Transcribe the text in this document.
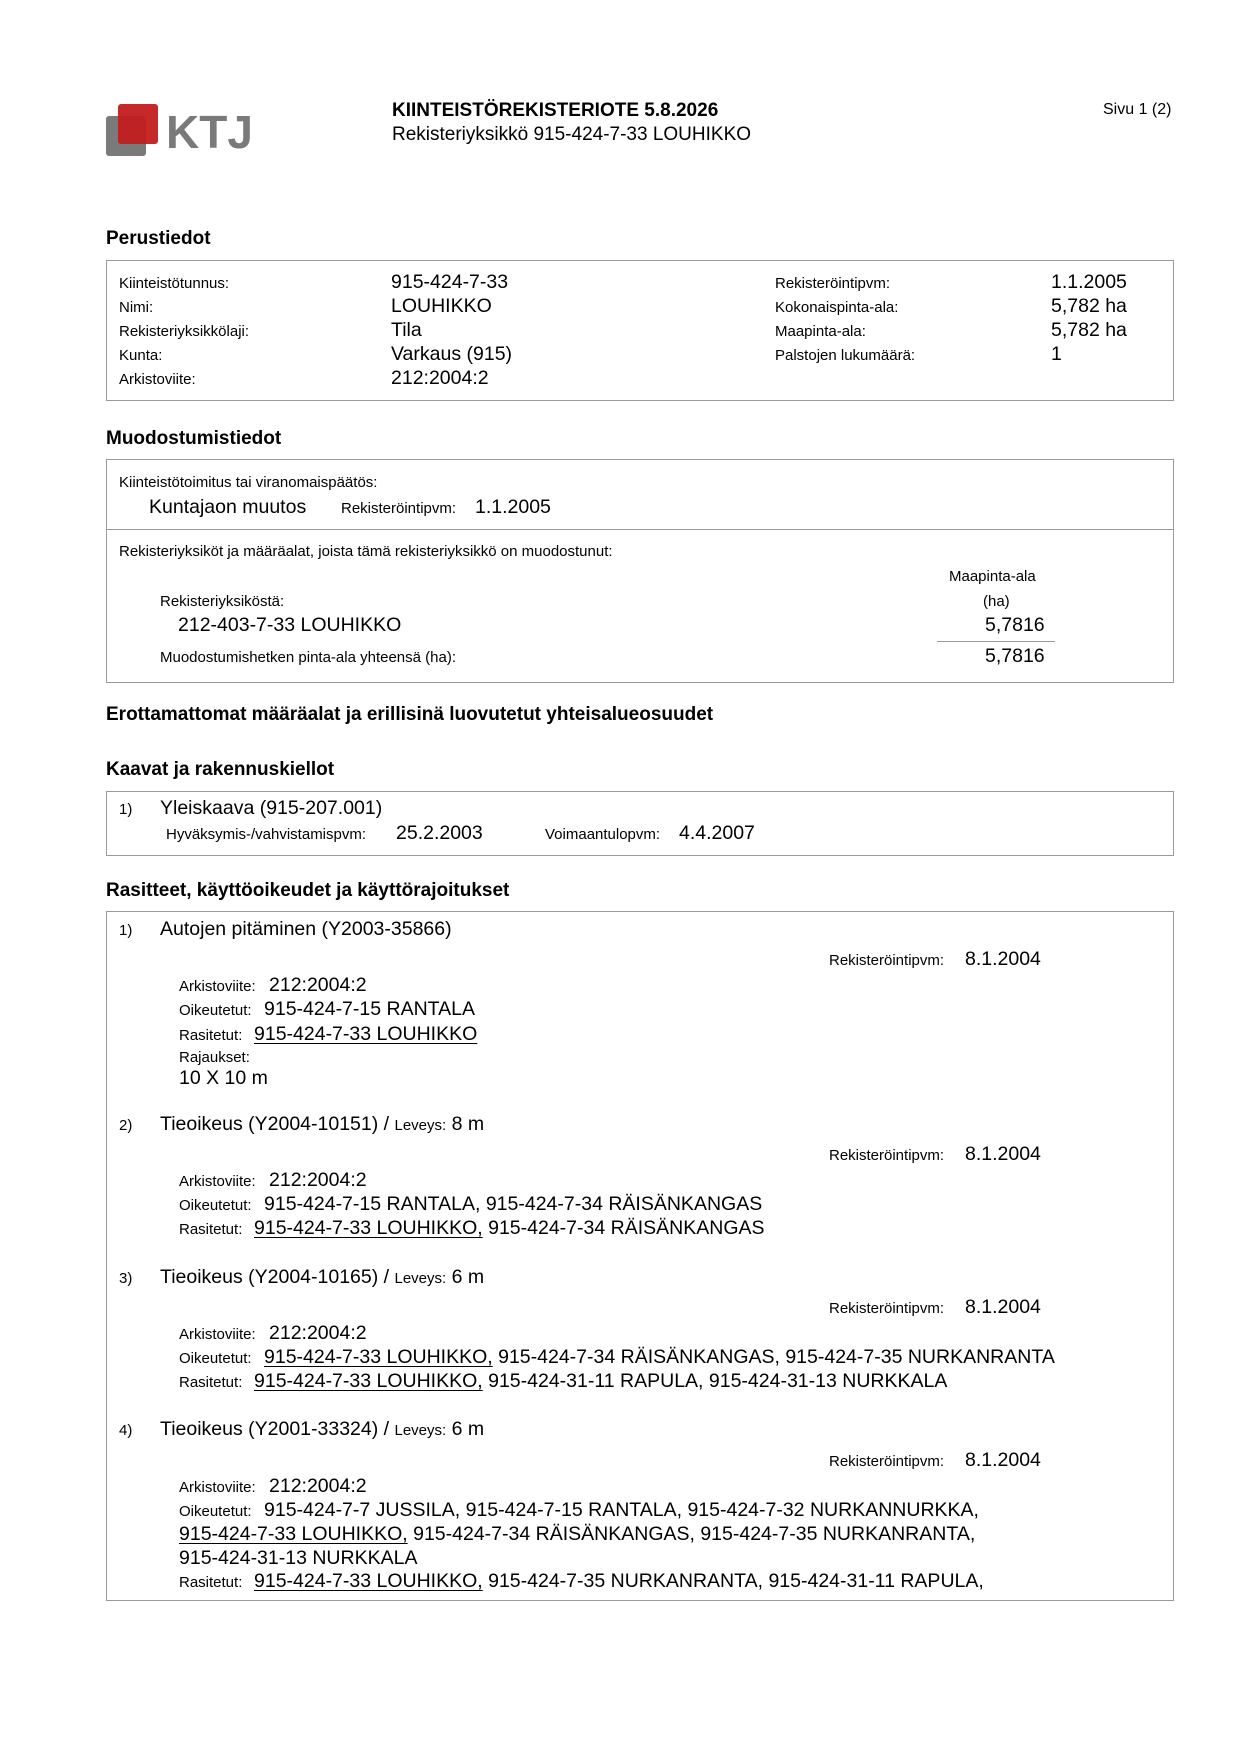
KTJ	KIINTEISTÖREKISTERIOTE 5.8.2026
Rekisteriyksikkö 915-424-7-33 LOUHIKKO
Sivu 1 (2)
Perustiedot
Kiinteistötunnus:	915-424-7-33
Nimi:	LOUHIKKO
Rekisteriyksikkölaji:	Tila
Kunta:	Varkaus (915)
Arkistoviite:	212:2004:2
Rekisteröintipvm:	1.1.2005
Kokonaispinta-ala:	5,782 ha
Maapinta-ala:	5,782 ha
Palstojen lukumäärä:	1
Muodostumistiedot
Kiinteistötoimitus tai viranomaispäätös:
Kuntajaon muutos Rekisteröintipvm: 1.1.2005
Rekisteriyksiköt ja määräalat, joista tämä rekisteriyksikkö on muodostunut:
Maapinta-ala
(ha)
Rekisteriyksiköstä:
212-403-7-33 LOUHIKKO	5,7816
Muodostumishetken pinta-ala yhteensä (ha):	5,7816
Erottamattomat määräalat ja erillisinä luovutetut yhteisalueosuudet
Kaavat ja rakennuskiellot
1) Yleiskaava (915-207.001)
Hyväksymis-/vahvistamispvm: 25.2.2003	Voimaantulopvm: 4.4.2007
Rasitteet, käyttöoikeudet ja käyttörajoitukset
1) Autojen pitäminen (Y2003-35866)
Rekisteröintipvm: 8.1.2004
Arkistoviite: 212:2004:2
Oikeutetut: 915-424-7-15 RANTALA
Rasitetut: 915-424-7-33 LOUHIKKO
Rajaukset:
10 X 10 m
2) Tieoikeus (Y2004-10151) / Leveys: 8 m
Rekisteröintipvm: 8.1.2004
Arkistoviite: 212:2004:2
Oikeutetut: 915-424-7-15 RANTALA, 915-424-7-34 RÄISÄNKANGAS
Rasitetut: 915-424-7-33 LOUHIKKO, 915-424-7-34 RÄISÄNKANGAS
3) Tieoikeus (Y2004-10165) / Leveys: 6 m
Rekisteröintipvm: 8.1.2004
Arkistoviite: 212:2004:2
Oikeutetut: 915-424-7-33 LOUHIKKO, 915-424-7-34 RÄISÄNKANGAS, 915-424-7-35 NURKANRANTA
Rasitetut: 915-424-7-33 LOUHIKKO, 915-424-31-11 RAPULA, 915-424-31-13 NURKKALA
4) Tieoikeus (Y2001-33324) / Leveys: 6 m
Rekisteröintipvm: 8.1.2004
Arkistoviite: 212:2004:2
Oikeutetut: 915-424-7-7 JUSSILA, 915-424-7-15 RANTALA, 915-424-7-32 NURKANNURKKA,
915-424-7-33 LOUHIKKO, 915-424-7-34 RÄISÄNKANGAS, 915-424-7-35 NURKANRANTA,
915-424-31-13 NURKKALA
Rasitetut: 915-424-7-33 LOUHIKKO, 915-424-7-35 NURKANRANTA, 915-424-31-11 RAPULA,
